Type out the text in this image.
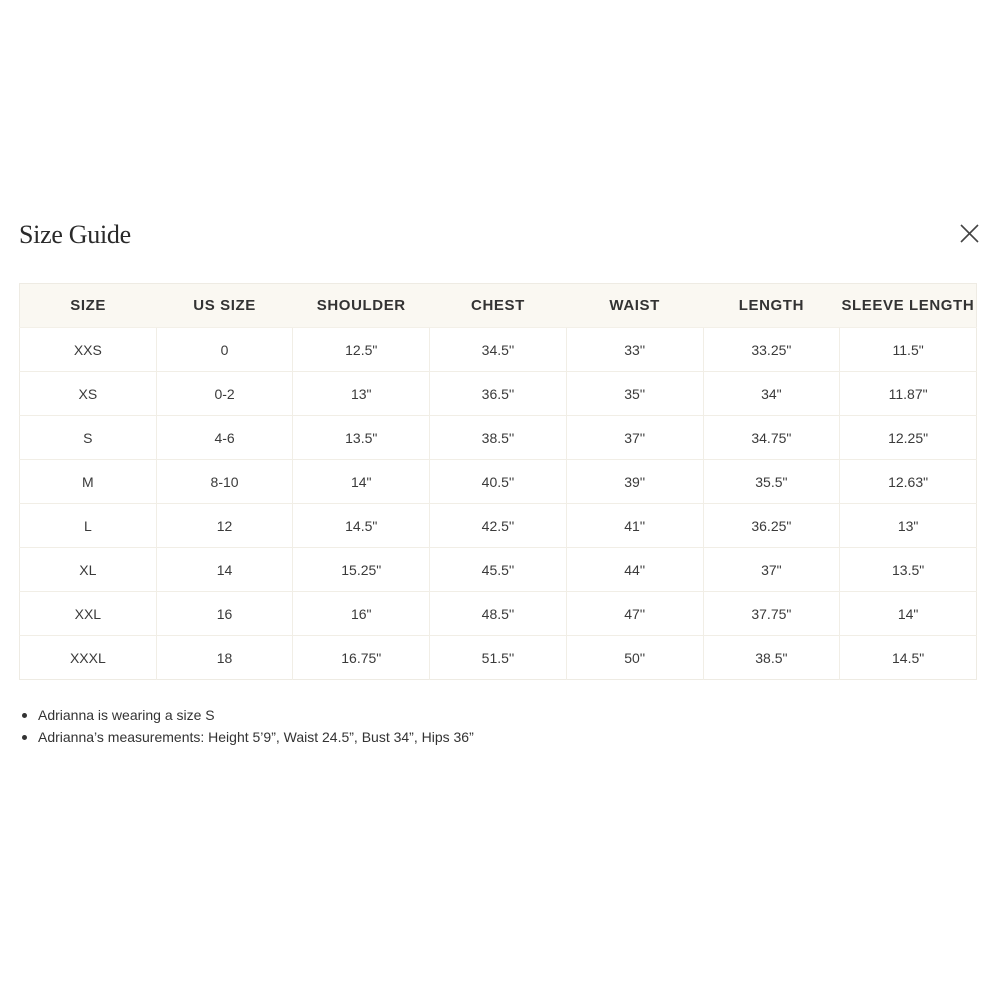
Size Guide
SIZE	US SIZE	SHOULDER	CHEST	WAIST	LENGTH	SLEEVE LENGTH
XXS	0	12.5"	34.5''	33''	33.25"	11.5"
XS	0-2	13"	36.5''	35''	34"	11.87"
S	4-6	13.5"	38.5''	37''	34.75"	12.25"
M	8-10	14"	40.5''	39''	35.5"	12.63"
L	12	14.5"	42.5''	41''	36.25"	13"
XL	14	15.25"	45.5''	44''	37"	13.5"
XXL	16	16"	48.5''	47''	37.75"	14"
XXXL	18	16.75"	51.5''	50''	38.5"	14.5"
Adrianna is wearing a size S
Adrianna’s measurements: Height 5’9”, Waist 24.5”, Bust 34”, Hips 36”
